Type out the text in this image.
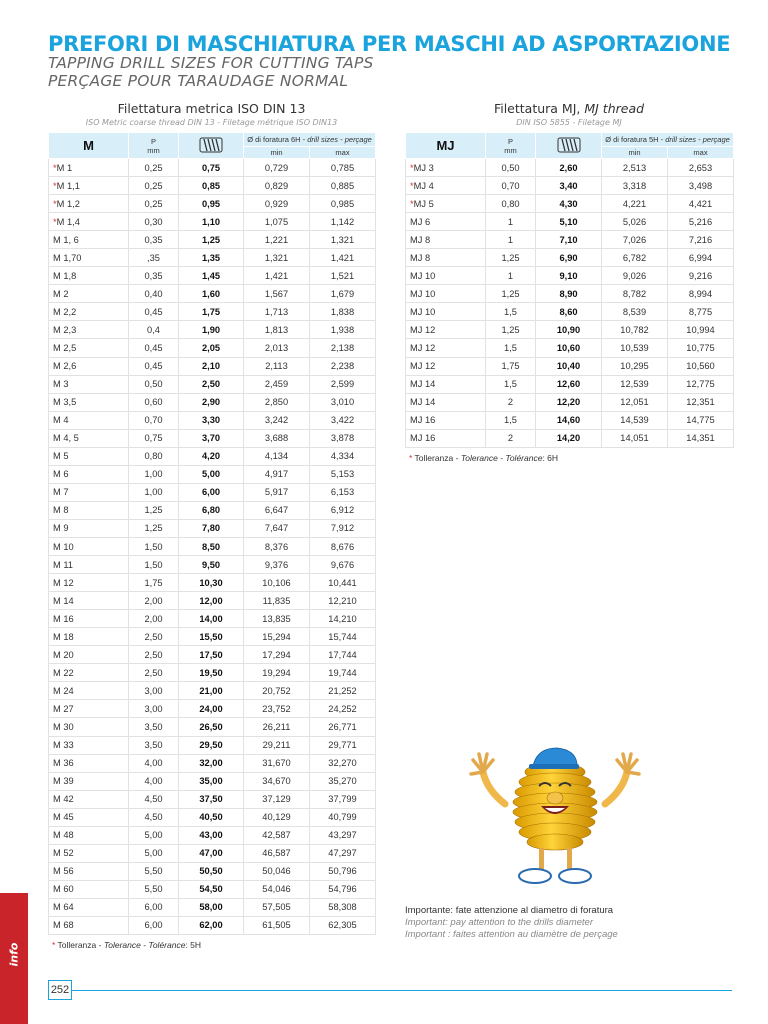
PREFORI DI MASCHIATURA PER MASCHI AD ASPORTAZIONE
TAPPING DRILL SIZES FOR CUTTING TAPS
PERÇAGE POUR TARAUDAGE NORMAL
Filettatura metrica ISO DIN 13
ISO Metric coarse thread DIN 13 - Filetage métrique ISO DIN13
M	P
mm		Ø di foratura 6H - drill sizes - perçage	
			min	max
*M 1	0,25	0,75	0,729	0,785
*M 1,1	0,25	0,85	0,829	0,885
*M 1,2	0,25	0,95	0,929	0,985
*M 1,4	0,30	1,10	1,075	1,142
M 1, 6	0,35	1,25	1,221	1,321
M 1,70	,35	1,35	1,321	1,421
M 1,8	0,35	1,45	1,421	1,521
M 2	0,40	1,60	1,567	1,679
M 2,2	0,45	1,75	1,713	1,838
M 2,3	0,4	1,90	1,813	1,938
M 2,5	0,45	2,05	2,013	2,138
M 2,6	0,45	2,10	2,113	2,238
M 3	0,50	2,50	2,459	2,599
M 3,5	0,60	2,90	2,850	3,010
M 4	0,70	3,30	3,242	3,422
M 4, 5	0,75	3,70	3,688	3,878
M 5	0,80	4,20	4,134	4,334
M 6	1,00	5,00	4,917	5,153
M 7	1,00	6,00	5,917	6,153
M 8	1,25	6,80	6,647	6,912
M 9	1,25	7,80	7,647	7,912
M 10	1,50	8,50	8,376	8,676
M 11	1,50	9,50	9,376	9,676
M 12	1,75	10,30	10,106	10,441
M 14	2,00	12,00	11,835	12,210
M 16	2,00	14,00	13,835	14,210
M 18	2,50	15,50	15,294	15,744
M 20	2,50	17,50	17,294	17,744
M 22	2,50	19,50	19,294	19,744
M 24	3,00	21,00	20,752	21,252
M 27	3,00	24,00	23,752	24,252
M 30	3,50	26,50	26,211	26,771
M 33	3,50	29,50	29,211	29,771
M 36	4,00	32,00	31,670	32,270
M 39	4,00	35,00	34,670	35,270
M 42	4,50	37,50	37,129	37,799
M 45	4,50	40,50	40,129	40,799
M 48	5,00	43,00	42,587	43,297
M 52	5,00	47,00	46,587	47,297
M 56	5,50	50,50	50,046	50,796
M 60	5,50	54,50	54,046	54,796
M 64	6,00	58,00	57,505	58,308
M 68	6,00	62,00	61,505	62,305
* Tolleranza - Tolerance - Tolérance: 5H
Filettatura MJ, MJ thread
DIN ISO 5855 - Filetage MJ
MJ	P
mm		Ø di foratura 5H - drill sizes - perçage	
			min	max
*MJ 3	0,50	2,60	2,513	2,653
*MJ 4	0,70	3,40	3,318	3,498
*MJ 5	0,80	4,30	4,221	4,421
MJ 6	1	5,10	5,026	5,216
MJ 8	1	7,10	7,026	7,216
MJ 8	1,25	6,90	6,782	6,994
MJ 10	1	9,10	9,026	9,216
MJ 10	1,25	8,90	8,782	8,994
MJ 10	1,5	8,60	8,539	8,775
MJ 12	1,25	10,90	10,782	10,994
MJ 12	1,5	10,60	10,539	10,775
MJ 12	1,75	10,40	10,295	10,560
MJ 14	1,5	12,60	12,539	12,775
MJ 14	2	12,20	12,051	12,351
MJ 16	1,5	14,60	14,539	14,775
MJ 16	2	14,20	14,051	14,351
* Tolleranza - Tolerance - Tolérance: 6H
Importante: fate attenzione al diametro di foratura
Important: pay attention to the drills diameter
Important : faites attention au diamètre de perçage
info
252
